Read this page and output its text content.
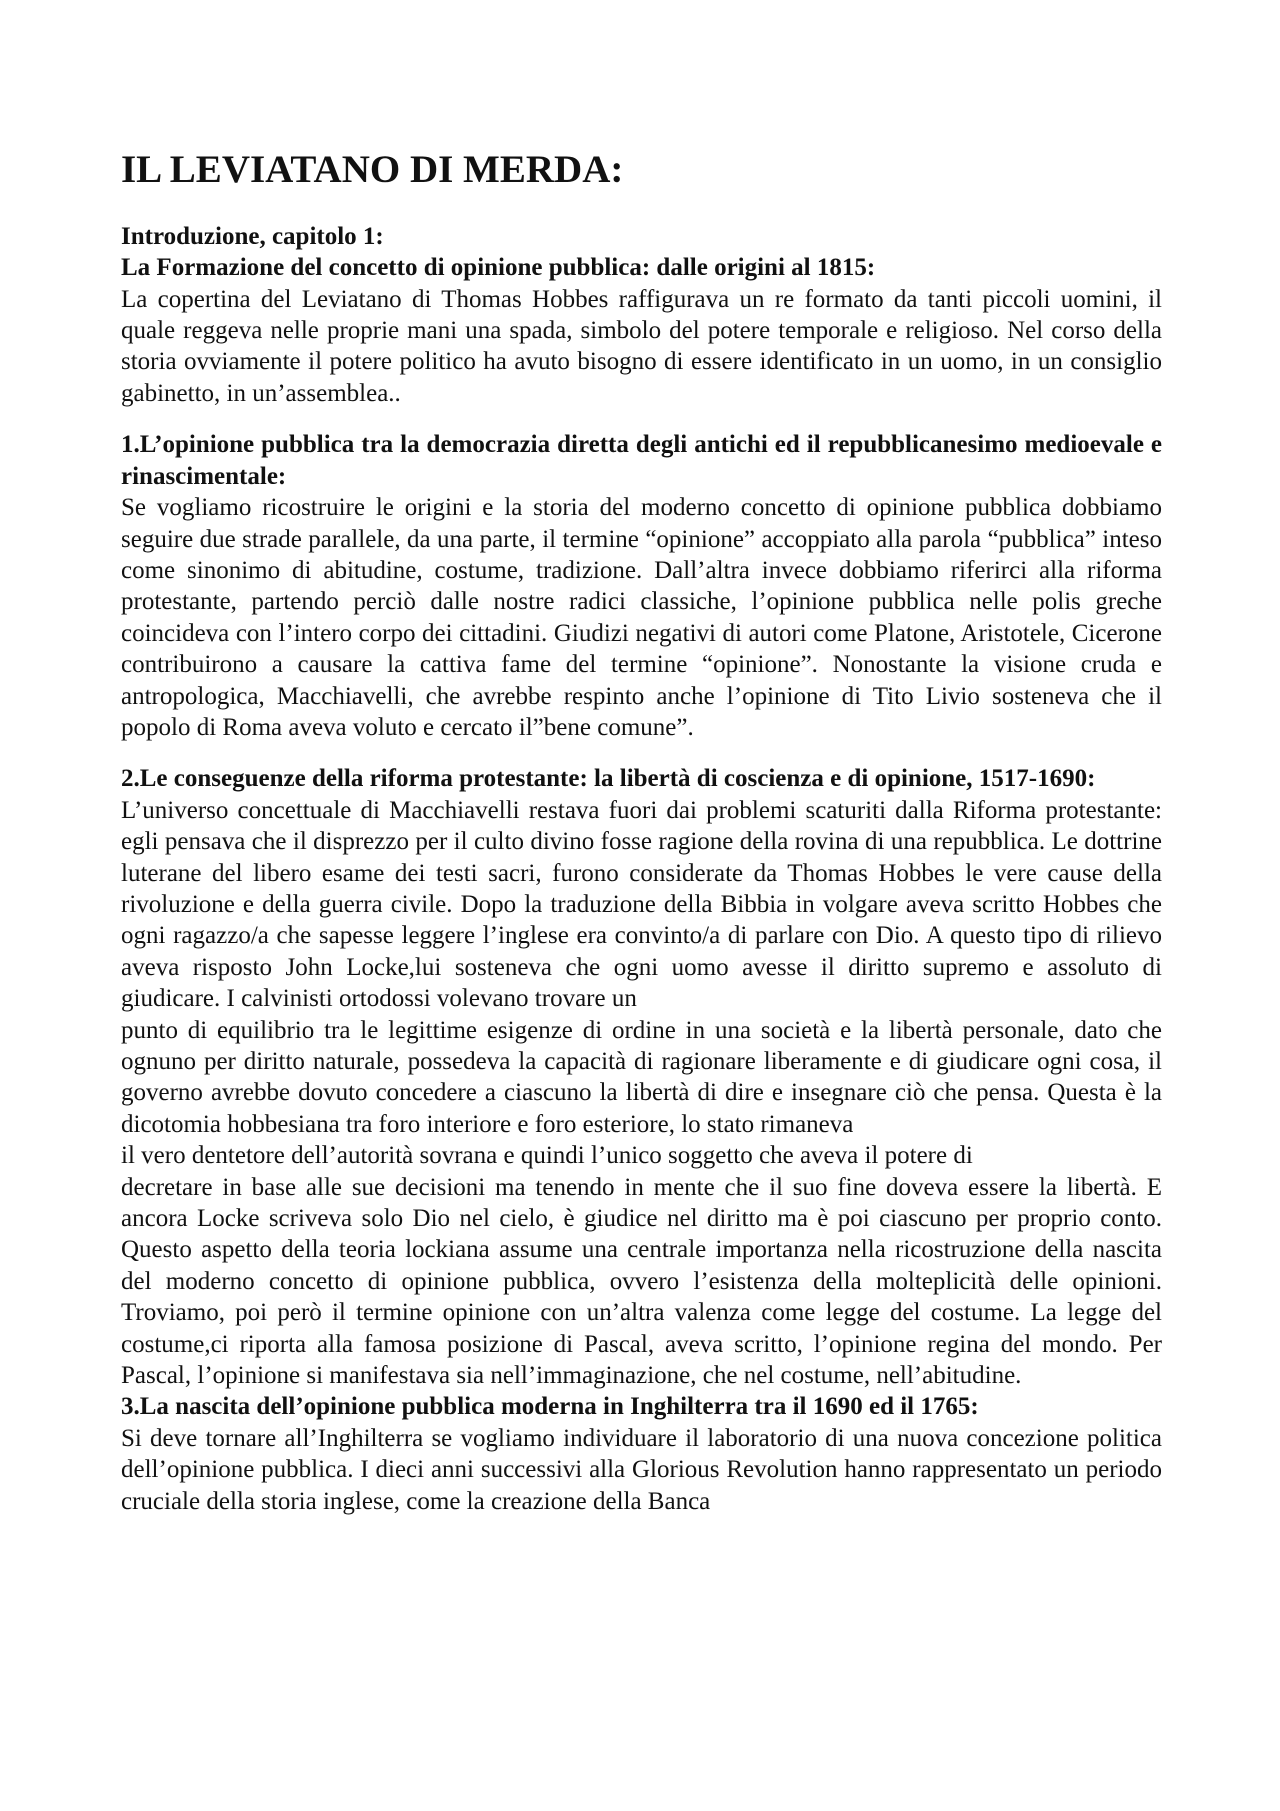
IL LEVIATANO DI MERDA:
Introduzione, capitolo 1:
La Formazione del concetto di opinione pubblica: dalle origini al 1815:

La copertina del Leviatano di Thomas Hobbes raffigurava un re formato da tanti piccoli uomini, il quale reggeva nelle proprie mani una spada, simbolo del potere temporale e religioso. Nel corso della storia ovviamente il potere politico ha avuto bisogno di essere identificato in un uomo, in un consiglio gabinetto, in un’assemblea..

1.L’opinione pubblica tra la democrazia diretta degli antichi ed il repubblicanesimo medioevale e rinascimentale:

Se vogliamo ricostruire le origini e la storia del moderno concetto di opinione pubblica dobbiamo seguire due strade parallele, da una parte, il termine “opinione” accoppiato alla parola “pubblica” inteso come sinonimo di abitudine, costume, tradizione. Dall’altra invece dobbiamo riferirci alla riforma protestante, partendo perciò dalle nostre radici classiche, l’opinione pubblica nelle polis greche coincideva con l’intero corpo dei cittadini. Giudizi negativi di autori come Platone, Aristotele, Cicerone contribuirono a causare la cattiva fame del termine “opinione”. Nonostante la visione cruda e antropologica, Macchiavelli, che avrebbe respinto anche l’opinione di Tito Livio sosteneva che il popolo di Roma aveva voluto e cercato il”bene comune”.

2.Le conseguenze della riforma protestante: la libertà di coscienza e di opinione, 1517-1690:

L’universo concettuale di Macchiavelli restava fuori dai problemi scaturiti dalla Riforma protestante: egli pensava che il disprezzo per il culto divino fosse ragione della rovina di una repubblica. Le dottrine luterane del libero esame dei testi sacri, furono considerate da Thomas Hobbes le vere cause della rivoluzione e della guerra civile. Dopo la traduzione della Bibbia in volgare aveva scritto Hobbes che ogni ragazzo/a che sapesse leggere l’inglese era convinto/a di parlare con Dio. A questo tipo di rilievo aveva risposto John Locke,lui sosteneva che ogni uomo avesse il diritto supremo e assoluto di giudicare. I calvinisti ortodossi volevano trovare un

punto di equilibrio tra le legittime esigenze di ordine in una società e la libertà personale, dato che ognuno per diritto naturale, possedeva la capacità di ragionare liberamente e di giudicare ogni cosa, il governo avrebbe dovuto concedere a ciascuno la libertà di dire e insegnare ciò che pensa. Questa è la dicotomia hobbesiana tra foro interiore e foro esteriore, lo stato rimaneva

il vero dentetore dell’autorità sovrana e quindi l’unico soggetto che aveva il potere di

decretare in base alle sue decisioni ma tenendo in mente che il suo fine doveva essere la libertà. E ancora Locke scriveva solo Dio nel cielo, è giudice nel diritto ma è poi ciascuno per proprio conto. Questo aspetto della teoria lockiana assume una centrale importanza nella ricostruzione della nascita del moderno concetto di opinione pubblica, ovvero l’esistenza della molteplicità delle opinioni. Troviamo, poi però il termine opinione con un’altra valenza come legge del costume. La legge del costume,ci riporta alla famosa posizione di Pascal, aveva scritto, l’opinione regina del mondo. Per Pascal, l’opinione si manifestava sia nell’immaginazione, che nel costume, nell’abitudine.

3.La nascita dell’opinione pubblica moderna in Inghilterra tra il 1690 ed il 1765:

Si deve tornare all’Inghilterra se vogliamo individuare il laboratorio di una nuova concezione politica dell’opinione pubblica. I dieci anni successivi alla Glorious Revolution hanno rappresentato un periodo cruciale della storia inglese, come la creazione della Banca
